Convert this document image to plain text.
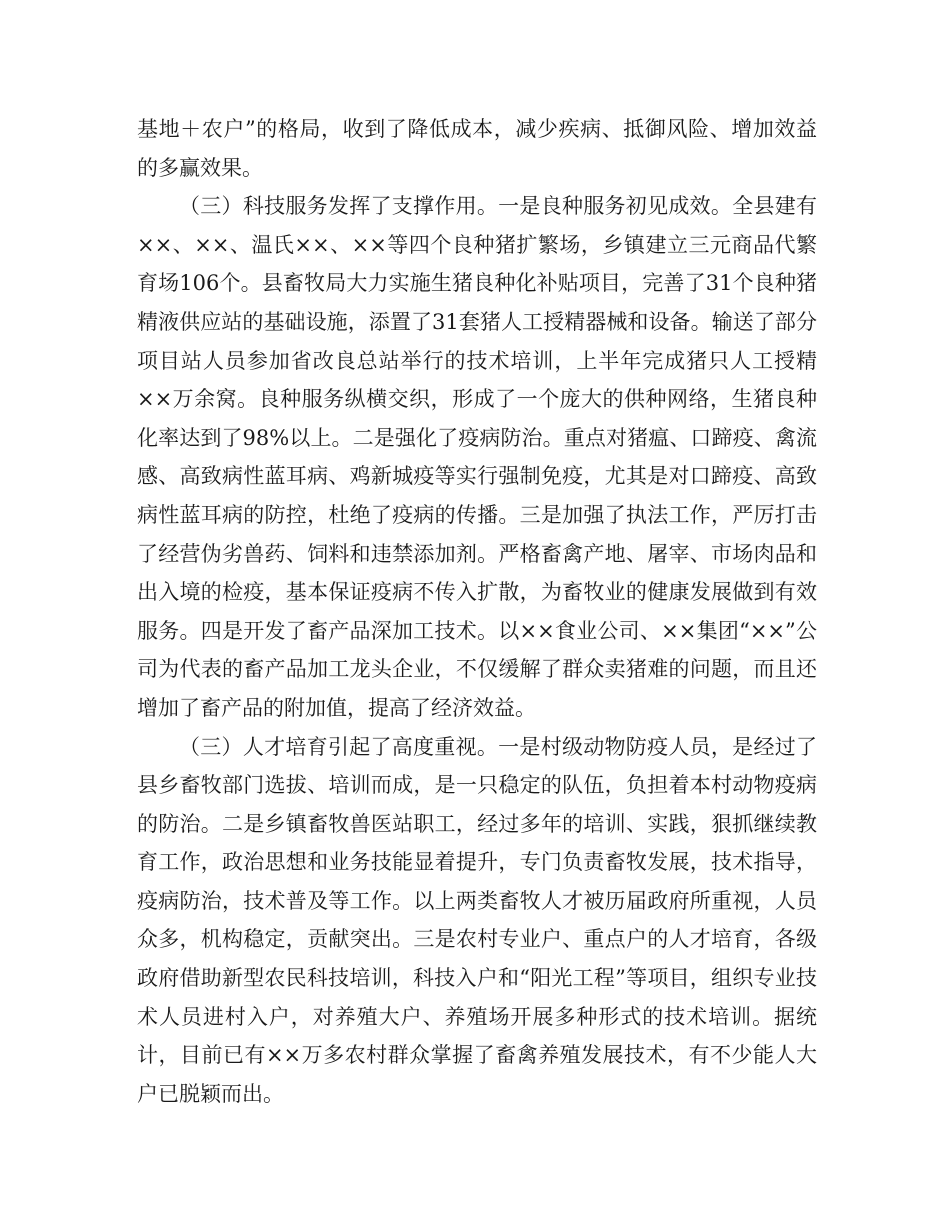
基地＋农户”的格局，收到了降低成本，减少疾病、抵御风险、增加效益的多赢效果。

（三）科技服务发挥了支撑作用。一是良种服务初见成效。全县建有××、××、温氏××、××等四个良种猪扩繁场，乡镇建立三元商品代繁育场106个。县畜牧局大力实施生猪良种化补贴项目，完善了31个良种猪精液供应站的基础设施，添置了31套猪人工授精器械和设备。输送了部分项目站人员参加省改良总站举行的技术培训，上半年完成猪只人工授精××万余窝。良种服务纵横交织，形成了一个庞大的供种网络，生猪良种化率达到了98%以上。二是强化了疫病防治。重点对猪瘟、口蹄疫、禽流感、高致病性蓝耳病、鸡新城疫等实行强制免疫，尤其是对口蹄疫、高致病性蓝耳病的防控，杜绝了疫病的传播。三是加强了执法工作，严厉打击了经营伪劣兽药、饲料和违禁添加剂。严格畜禽产地、屠宰、市场肉品和出入境的检疫，基本保证疫病不传入扩散，为畜牧业的健康发展做到有效服务。四是开发了畜产品深加工技术。以××食业公司、××集团“××”公司为代表的畜产品加工龙头企业，不仅缓解了群众卖猪难的问题，而且还增加了畜产品的附加值，提高了经济效益。

（三）人才培育引起了高度重视。一是村级动物防疫人员，是经过了县乡畜牧部门选拔、培训而成，是一只稳定的队伍，负担着本村动物疫病的防治。二是乡镇畜牧兽医站职工，经过多年的培训、实践，狠抓继续教育工作，政治思想和业务技能显着提升，专门负责畜牧发展，技术指导，疫病防治，技术普及等工作。以上两类畜牧人才被历届政府所重视，人员众多，机构稳定，贡献突出。三是农村专业户、重点户的人才培育，各级政府借助新型农民科技培训，科技入户和“阳光工程”等项目，组织专业技术人员进村入户，对养殖大户、养殖场开展多种形式的技术培训。据统计，目前已有××万多农村群众掌握了畜禽养殖发展技术，有不少能人大户已脱颖而出。
